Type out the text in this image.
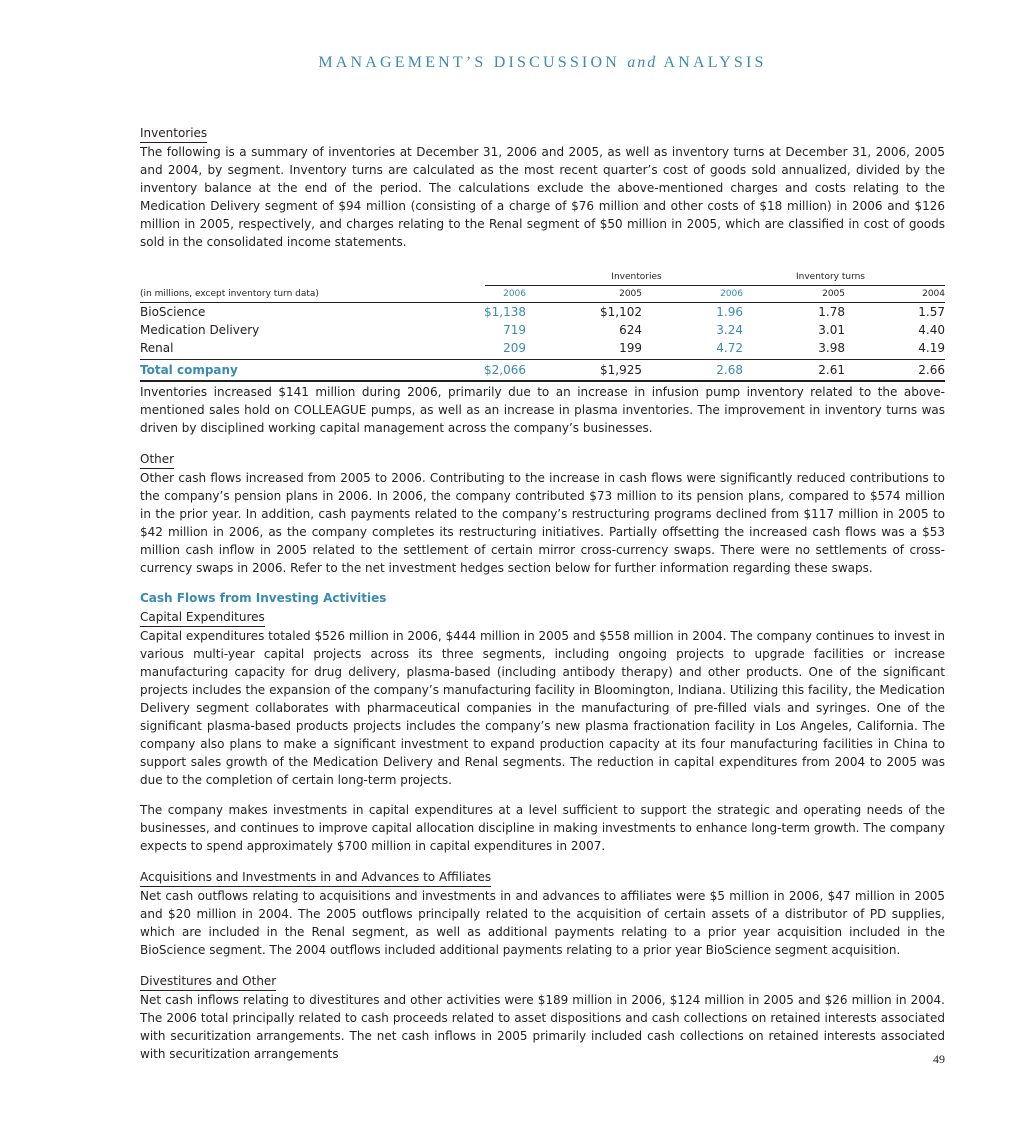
MANAGEMENT’S DISCUSSION and ANALYSIS
Inventories

The following is a summary of inventories at December 31, 2006 and 2005, as well as inventory turns at December 31, 2006, 2005 and 2004, by segment. Inventory turns are calculated as the most recent quarter’s cost of goods sold annualized, divided by the inventory balance at the end of the period. The calculations exclude the above-mentioned charges and costs relating to the Medication Delivery segment of $94 million (consisting of a charge of $76 million and other costs of $18 million) in 2006 and $126 million in 2005, respectively, and charges relating to the Renal segment of $50 million in 2005, which are classified in cost of goods sold in the consolidated income statements.

Inventories	Inventory turns
(in millions, except inventory turn data)	2006	2005	2006	2005	2004
BioScience	$1,138	$1,102	1.96	1.78	1.57
Medication Delivery	719	624	3.24	3.01	4.40
Renal	209	199	4.72	3.98	4.19
Total company	$2,066	$1,925	2.68	2.61	2.66

Inventories increased $141 million during 2006, primarily due to an increase in infusion pump inventory related to the above-mentioned sales hold on COLLEAGUE pumps, as well as an increase in plasma inventories. The improvement in inventory turns was driven by disciplined working capital management across the company’s businesses.

Other

Other cash flows increased from 2005 to 2006. Contributing to the increase in cash flows were significantly reduced contributions to the company’s pension plans in 2006. In 2006, the company contributed $73 million to its pension plans, compared to $574 million in the prior year. In addition, cash payments related to the company’s restructuring programs declined from $117 million in 2005 to $42 million in 2006, as the company completes its restructuring initiatives. Partially offsetting the increased cash flows was a $53 million cash inflow in 2005 related to the settlement of certain mirror cross-currency swaps. There were no settlements of cross-currency swaps in 2006. Refer to the net investment hedges section below for further information regarding these swaps.

Cash Flows from Investing Activities
Capital Expenditures

Capital expenditures totaled $526 million in 2006, $444 million in 2005 and $558 million in 2004. The company continues to invest in various multi-year capital projects across its three segments, including ongoing projects to upgrade facilities or increase manufacturing capacity for drug delivery, plasma-based (including antibody therapy) and other products. One of the significant projects includes the expansion of the company’s manufacturing facility in Bloomington, Indiana. Utilizing this facility, the Medication Delivery segment collaborates with pharmaceutical companies in the manufacturing of pre-filled vials and syringes. One of the significant plasma-based products projects includes the company’s new plasma fractionation facility in Los Angeles, California. The company also plans to make a significant investment to expand production capacity at its four manufacturing facilities in China to support sales growth of the Medication Delivery and Renal segments. The reduction in capital expenditures from 2004 to 2005 was due to the completion of certain long-term projects.

The company makes investments in capital expenditures at a level sufficient to support the strategic and operating needs of the businesses, and continues to improve capital allocation discipline in making investments to enhance long-term growth. The company expects to spend approximately $700 million in capital expenditures in 2007.

Acquisitions and Investments in and Advances to Affiliates

Net cash outflows relating to acquisitions and investments in and advances to affiliates were $5 million in 2006, $47 million in 2005 and $20 million in 2004. The 2005 outflows principally related to the acquisition of certain assets of a distributor of PD supplies, which are included in the Renal segment, as well as additional payments relating to a prior year acquisition included in the BioScience segment. The 2004 outflows included additional payments relating to a prior year BioScience segment acquisition.

Divestitures and Other

Net cash inflows relating to divestitures and other activities were $189 million in 2006, $124 million in 2005 and $26 million in 2004. The 2006 total principally related to cash proceeds related to asset dispositions and cash collections on retained interests associated with securitization arrangements. The net cash inflows in 2005 primarily included cash collections on retained interests associated with securitization arrangements	49
